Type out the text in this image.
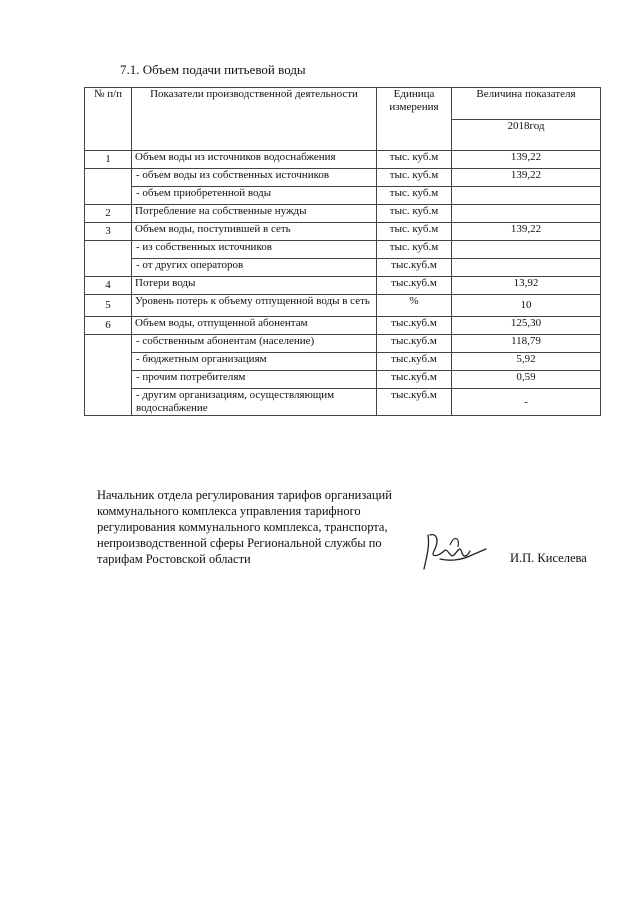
7.1. Объем подачи питьевой воды
№ п/п	Показатели производственной деятельности	Единица измерения	Величина показателя
			2018год
1	Объем воды из источников водоснабжения	тыс. куб.м	139,22
	- объем воды из собственных источников	тыс. куб.м	139,22
	- объем приобретенной воды	тыс. куб.м	
2	Потребление на собственные нужды	тыс. куб.м	
3	Объем воды, поступившей в сеть	тыс. куб.м	139,22
	- из собственных источников	тыс. куб.м	
	- от других операторов	тыс.куб.м	
4	Потери воды	тыс.куб.м	13,92
5	Уровень потерь к объему отпущенной воды в сеть	%	10
6	Объем воды, отпущенной абонентам	тыс.куб.м	125,30
	- собственным абонентам (население)	тыс.куб.м	118,79
	- бюджетным организациям	тыс.куб.м	5,92
	- прочим потребителям	тыс.куб.м	0,59
	- другим организациям, осуществляющим водоснабжение	тыс.куб.м	-
Начальник отдела регулирования тарифов организаций коммунального комплекса управления тарифного регулирования коммунального комплекса, транспорта, непроизводственной сферы Региональной службы по тарифам Ростовской области	И.П. Киселева
